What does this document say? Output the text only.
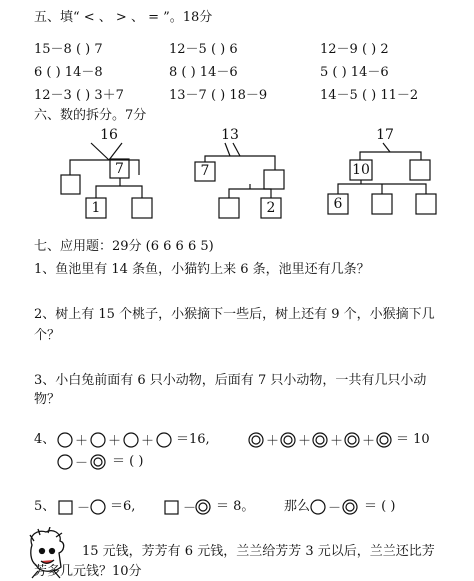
五、填“ < 、 > 、 = ”。18分
15－8 ( ) 7	12－5 ( ) 6	12－9 ( ) 2
6 ( ) 14－8	8 ( ) 14－6	5 ( ) 14－6
12－3 ( ) 3＋7	13－7 ( ) 18－9	14－5 ( ) 11－2
六、数的拆分。7分
16
7
1
13
7
2
17
10
6
七、应用题：29分 (6 6 6 6 5)
1、鱼池里有 14 条鱼，小猫钓上来 6 条，池里还有几条？
2、树上有 15 个桃子，小猴摘下一些后，树上还有 9 个，小猴摘下几
个？
3、小白兔前面有 6 只小动物，后面有 7 只小动物，一共有几只小动
物？
＋ ＋ ＋	＋ ＋ ＋ ＋
－
－	－	－
4、	＝16,	＝ 10
＝ ( )
5、	＝6,	＝ 8。 那么	＝ ( )
15 元钱，芳芳有 6 元钱，兰兰给芳芳 3 元以后，兰兰还比芳
芳多几元钱？10分
